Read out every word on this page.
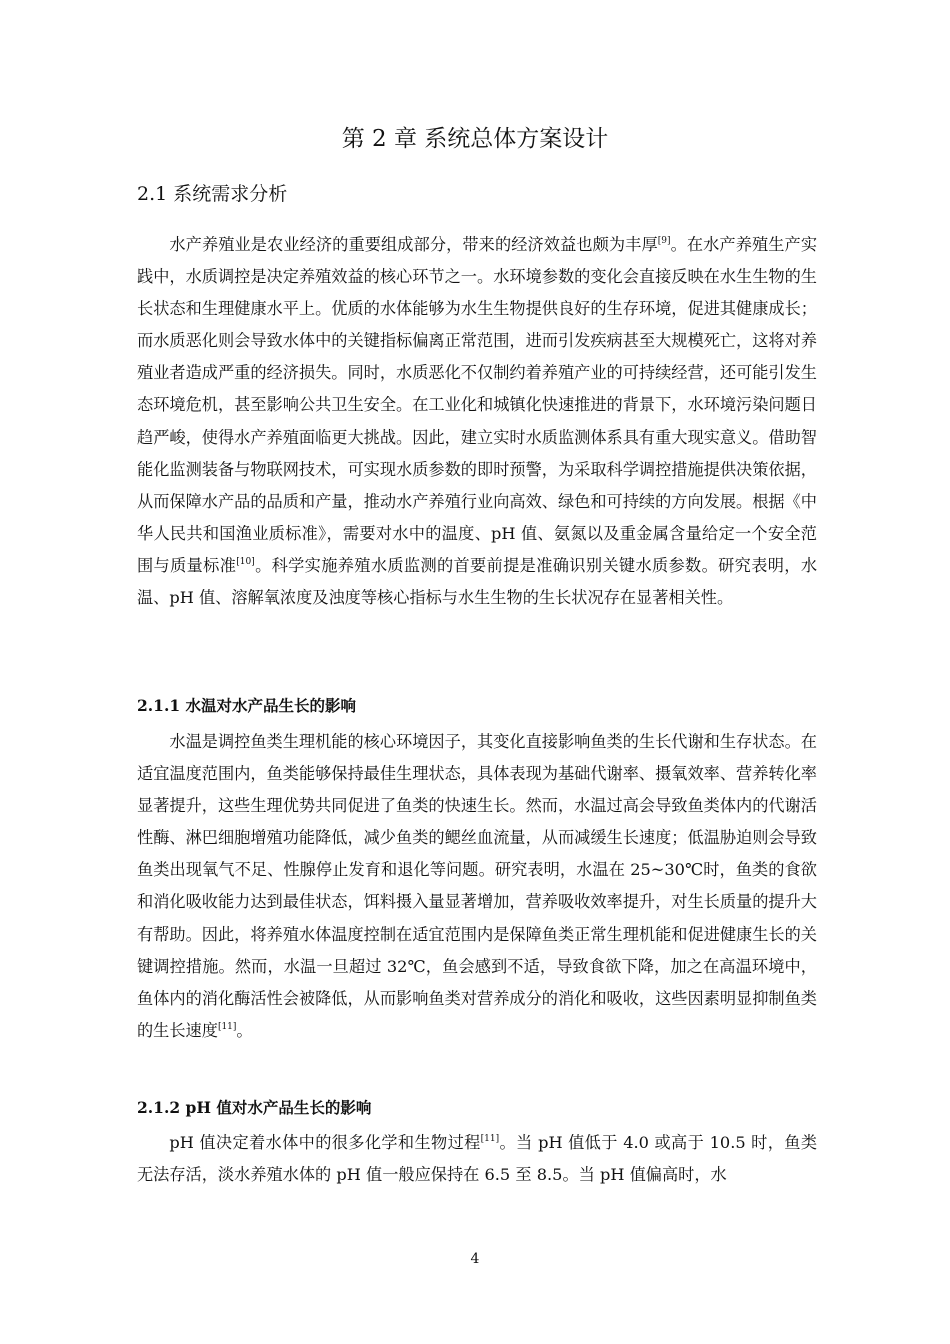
第 2 章 系统总体方案设计
2.1 系统需求分析

水产养殖业是农业经济的重要组成部分，带来的经济效益也颇为丰厚[9]。在水产养殖生产实践中，水质调控是决定养殖效益的核心环节之一。水环境参数的变化会直接反映在水生生物的生长状态和生理健康水平上。优质的水体能够为水生生物提供良好的生存环境，促进其健康成长；而水质恶化则会导致水体中的关键指标偏离正常范围，进而引发疾病甚至大规模死亡，这将对养殖业者造成严重的经济损失。同时，水质恶化不仅制约着养殖产业的可持续经营，还可能引发生态环境危机，甚至影响公共卫生安全。在工业化和城镇化快速推进的背景下，水环境污染问题日趋严峻，使得水产养殖面临更大挑战。因此，建立实时水质监测体系具有重大现实意义。借助智能化监测装备与物联网技术，可实现水质参数的即时预警，为采取科学调控措施提供决策依据，从而保障水产品的品质和产量，推动水产养殖行业向高效、绿色和可持续的方向发展。根据《中华人民共和国渔业质标准》，需要对水中的温度、pH 值、氨氮以及重金属含量给定一个安全范围与质量标准[10]。科学实施养殖水质监测的首要前提是准确识别关键水质参数。研究表明，水温、pH 值、溶解氧浓度及浊度等核心指标与水生生物的生长状况存在显著相关性。

2.1.1 水温对水产品生长的影响

水温是调控鱼类生理机能的核心环境因子，其变化直接影响鱼类的生长代谢和生存状态。在适宜温度范围内，鱼类能够保持最佳生理状态，具体表现为基础代谢率、摄氧效率、营养转化率显著提升，这些生理优势共同促进了鱼类的快速生长。然而，水温过高会导致鱼类体内的代谢活性酶、淋巴细胞增殖功能降低，减少鱼类的鳃丝血流量，从而减缓生长速度；低温胁迫则会导致鱼类出现氧气不足、性腺停止发育和退化等问题。研究表明，水温在 25~30℃时，鱼类的食欲和消化吸收能力达到最佳状态，饵料摄入量显著增加，营养吸收效率提升，对生长质量的提升大有帮助。因此，将养殖水体温度控制在适宜范围内是保障鱼类正常生理机能和促进健康生长的关键调控措施。然而，水温一旦超过 32℃，鱼会感到不适，导致食欲下降，加之在高温环境中，鱼体内的消化酶活性会被降低，从而影响鱼类对营养成分的消化和吸收，这些因素明显抑制鱼类的生长速度[11]。

2.1.2 pH 值对水产品生长的影响

pH 值决定着水体中的很多化学和生物过程[11]。当 pH 值低于 4.0 或高于 10.5 时，鱼类无法存活，淡水养殖水体的 pH 值一般应保持在 6.5 至 8.5。当 pH 值偏高时，水

4
